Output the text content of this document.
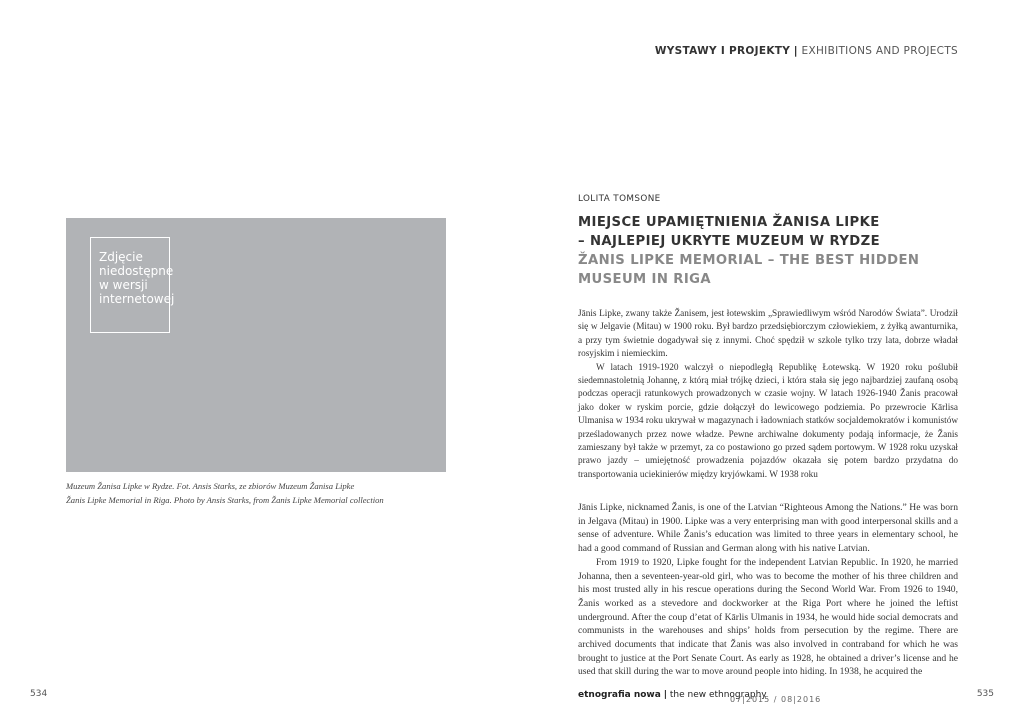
WYSTAWY I PROJEKTY | EXHIBITIONS AND PROJECTS
Zdjęcie niedostępne w wersji internetowej
Muzeum Žanisa Lipke w Rydze. Fot. Ansis Starks, ze zbiorów Muzeum Žanisa Lipke
Žanis Lipke Memorial in Riga. Photo by Ansis Starks, from Žanis Lipke Memorial collection
LOLITA TOMSONE
MIEJSCE UPAMIĘTNIENIA ŽANISA LIPKE
– NAJLEPIEJ UKRYTE MUZEUM W RYDZE
ŽANIS LIPKE MEMORIAL – THE BEST HIDDEN
MUSEUM IN RIGA

Jānis Lipke, zwany także Žanisem, jest łotewskim „Sprawiedliwym wśród Narodów Świata”. Urodził się w Jelgavie (Mitau) w 1900 roku. Był bardzo przedsiębiorczym człowiekiem, z żyłką awanturnika, a przy tym świetnie dogadywał się z innymi. Choć spędził w szkole tylko trzy lata, dobrze władał rosyjskim i niemieckim.

W latach 1919-1920 walczył o niepodległą Republikę Łotewską. W 1920 roku poślubił siedemnastoletnią Johannę, z którą miał trójkę dzieci, i która stała się jego najbardziej zaufaną osobą podczas operacji ratunkowych prowadzonych w czasie wojny. W latach 1926-1940 Žanis pracował jako doker w ryskim porcie, gdzie dołączył do lewicowego podziemia. Po przewrocie Kārlisa Ulmanisa w 1934 roku ukrywał w magazynach i ładowniach statków socjaldemokratów i komunistów prześladowanych przez nowe władze. Pewne archiwalne dokumenty podają informacje, że Žanis zamieszany był także w przemyt, za co postawiono go przed sądem portowym. W 1928 roku uzyskał prawo jazdy – umiejętność prowadzenia pojazdów okazała się potem bardzo przydatna do transportowania uciekinierów między kryjówkami. W 1938 roku

Jānis Lipke, nicknamed Žanis, is one of the Latvian “Righteous Among the Nations.” He was born in Jelgava (Mitau) in 1900. Lipke was a very enterprising man with good interpersonal skills and a sense of adventure. While Žanis’s education was limited to three years in elementary school, he had a good command of Russian and German along with his native Latvian.

From 1919 to 1920, Lipke fought for the independent Latvian Republic. In 1920, he married Johanna, then a seventeen-year-old girl, who was to become the mother of his three children and his most trusted ally in his rescue operations during the Second World War. From 1926 to 1940, Žanis worked as a stevedore and dockworker at the Riga Port where he joined the leftist underground. After the coup d’etat of Kārlis Ulmanis in 1934, he would hide social democrats and communists in the warehouses and ships’ holds from persecution by the regime. There are archived documents that indicate that Žanis was also involved in contraband for which he was brought to justice at the Port Senate Court. As early as 1928, he obtained a driver’s license and he used that skill during the war to move around people into hiding. In 1938, he acquired the

534	535
etnografia nowa | the new ethnography
07|2015 / 08|2016
